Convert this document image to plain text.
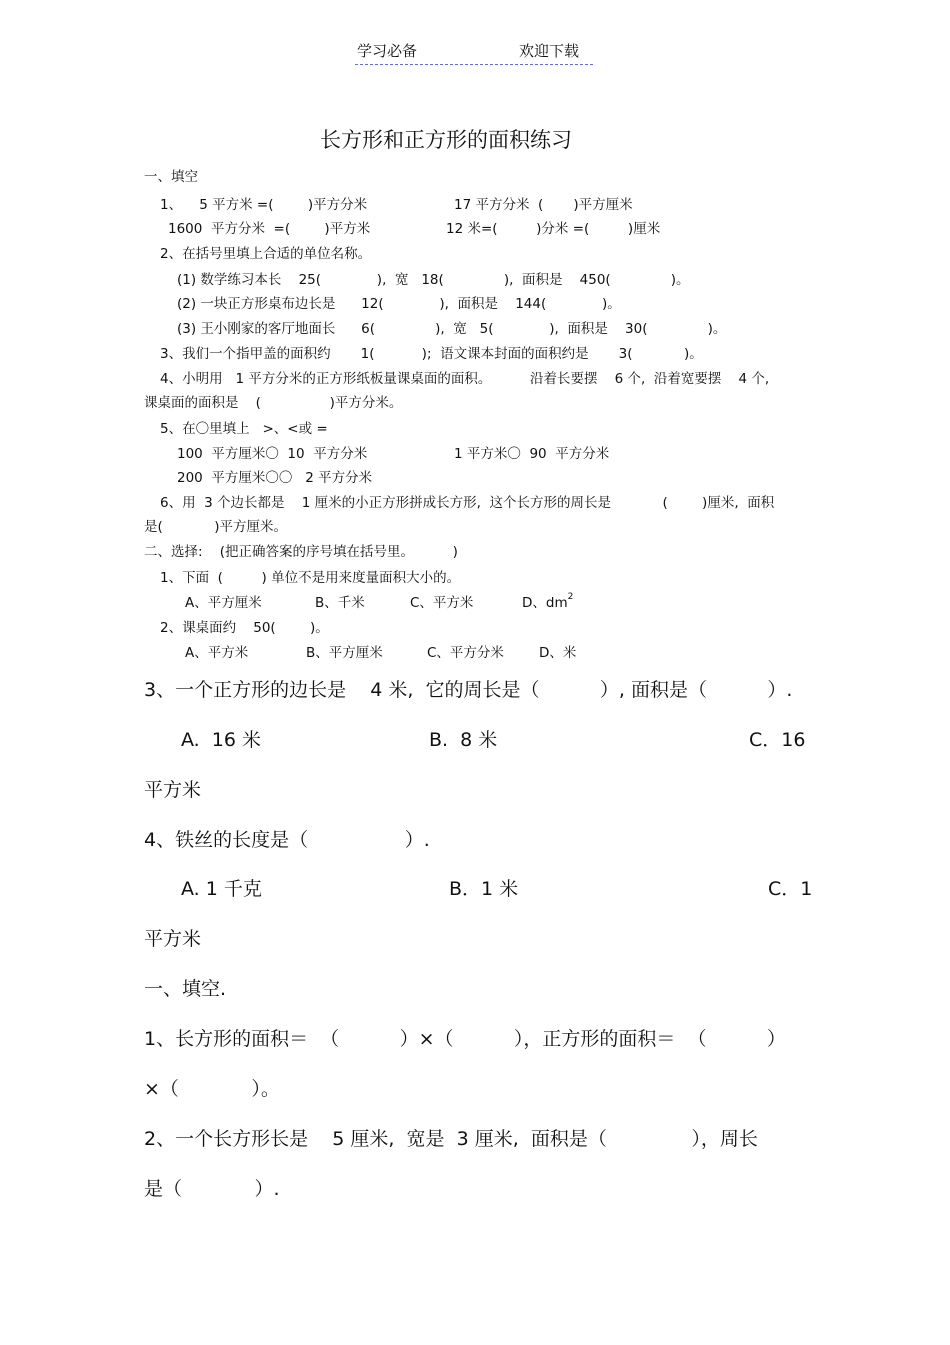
学习必备	欢迎下载
长方形和正方形的面积练习
一、填空
1、    5 平方米 =(        )平方分米	17 平方分米  (       )平方厘米
1600  平方分米  =(        )平方米	12 米=(         )分米 =(         )厘米
2、在括号里填上合适的单位名称。
(1) 数学练习本长    25(             ),  宽   18(              ),  面积是    450(              )。
(2) 一块正方形桌布边长是      12(             ),  面积是    144(             )。
(3) 王小刚家的客厅地面长      6(              ),  宽   5(             ),  面积是    30(              )。
3、我们一个指甲盖的面积约       1(           );  语文课本封面的面积约是       3(            )。
4、小明用   1 平方分米的正方形纸板量课桌面的面积。         沿着长要摆    6 个,  沿着宽要摆    4 个,
课桌面的面积是    (                )平方分米。
5、在〇里填上   >、<或 =
100  平方厘米〇  10  平方分米	1 平方米〇  90  平方分米
200  平方厘米〇〇   2 平方分米
6、用  3 个边长都是    1 厘米的小正方形拼成长方形,  这个长方形的周长是            (        )厘米,  面积
是(            )平方厘米。
二、选择:    (把正确答案的序号填在括号里。         )
1、下面  (         ) 单位不是用来度量面积大小的。
A、平方厘米	B、千米	C、平方米	D、$dm^2$
2、课桌面约    50(        )。
A、平方米	B、平方厘米	C、平方分米	D、米
3、一个正方形的边长是    4 米,  它的周长是（          ）, 面积是（          ）.
A.  16 米	B.  8 米	C．16
平方米
4、铁丝的长度是（                ）.
A. 1 千克	B．1 米	C．1
平方米
一、填空.
1、长方形的面积＝  （          ）×（          ），正方形的面积＝  （          ）
×（            ）。
2、一个长方形长是    5 厘米,  宽是  3 厘米,  面积是（              ），周长
是（            ）.
